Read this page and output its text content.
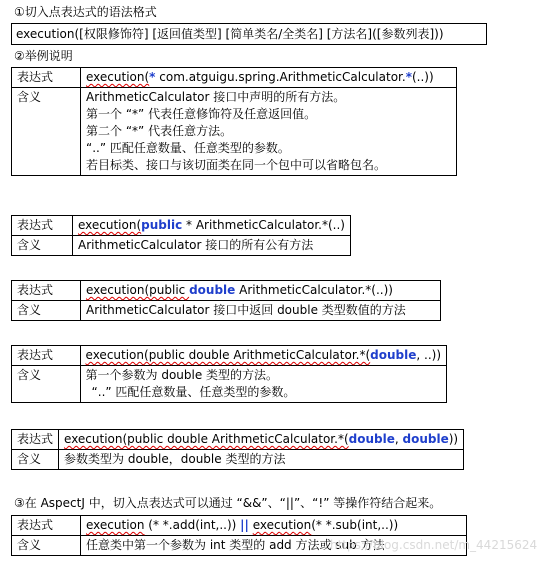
①切入点表达式的语法格式
execution([权限修饰符] [返回值类型] [简单类名/全类名] [方法名]([参数列表]))
②举例说明
表达式	execution(* com.atguigu.spring.ArithmeticCalculator.*(..))
含义	ArithmeticCalculator 接口中声明的所有方法。
第一个 “*” 代表任意修饰符及任意返回值。
第二个 “*” 代表任意方法。
“..” 匹配任意数量、任意类型的参数。
若目标类、接口与该切面类在同一个包中可以省略包名。
表达式	execution(public * ArithmeticCalculator.*(..)
含义	ArithmeticCalculator 接口的所有公有方法
表达式	execution(public double ArithmeticCalculator.*(..))
含义	ArithmeticCalculator 接口中返回 double 类型数值的方法
表达式	execution(public double ArithmeticCalculator.*(double, ..))
含义	第一个参数为 double 类型的方法。
“..” 匹配任意数量、任意类型的参数。
表达式	execution(public double ArithmeticCalculator.*(double, double))
含义	参数类型为 double，double 类型的方法
③在 AspectJ 中，切入点表达式可以通过 “&&”、“||”、“!” 等操作符结合起来。
表达式	execution (* *.add(int,..)) || execution(* *.sub(int,..))
含义	任意类中第一个参数为 int 类型的 add 方法或 sub 方法
https://blog.csdn.net/m_44215624
